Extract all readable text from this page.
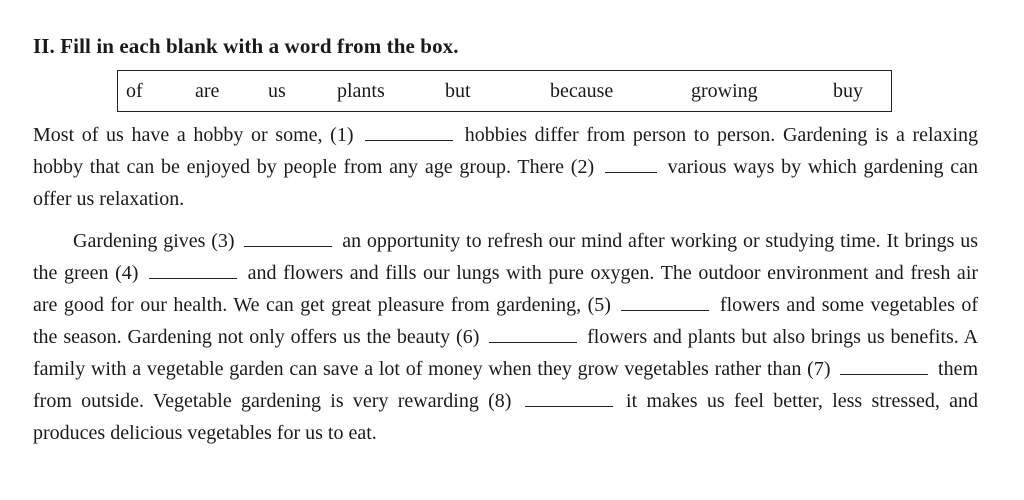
II. Fill in each blank with a word from the box.
of	are us	plants	but	because	growing	buy
Most of us have a hobby or some, (1)	hobbies differ from person to person. Gardening is a relaxing hobby that can be enjoyed by people from any age group. There (2)	various ways by which gardening can offer us relaxation.
Gardening gives (3)	an opportunity to refresh our mind after working or studying time. It brings us the green (4)	and flowers and fills our lungs with pure oxygen. The outdoor environment and fresh air are good for our health. We can get great pleasure from gardening, (5)	flowers and some vegetables of the season. Gardening not only offers us the beauty (6)	flowers and plants but also brings us benefits. A family with a vegetable garden can save a lot of money when they grow vegetables rather than (7)	them from outside. Vegetable gardening is very rewarding (8)	it makes us feel better, less stressed, and produces delicious vegetables for us to eat.
